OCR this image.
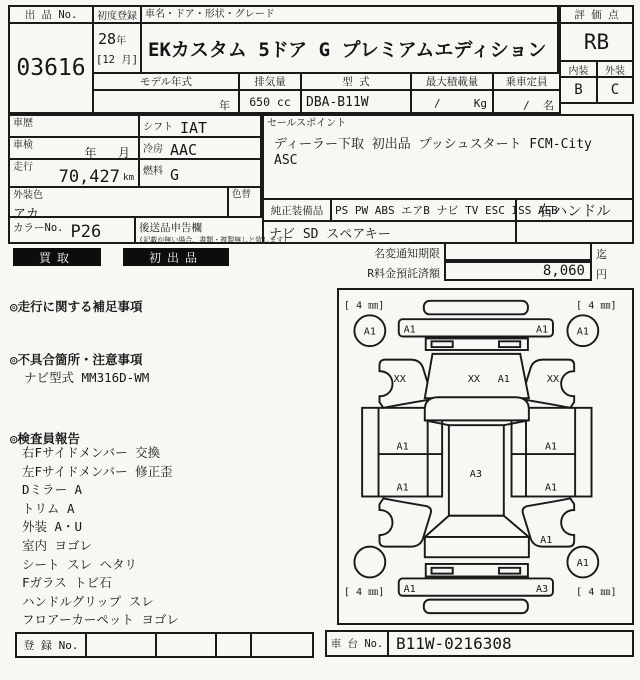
出 品 No.
03616
初度登録
28年
[12 月]
車名・ドア・形状・グレード
EKカスタム 5ドア G プレミアムエディション
評 価 点
RB
内装	外装
B	C
モデル年式	排気量	型 式	最大積載量	乗車定員
年	650 cc	DBA-B11W	/     Kg	/  名
車歴	シフト IAT
車検
年   月	冷房 AAC
走行	70,427 km
燃料 G
外装色
アカ
色替
カラーNo. P26	後送品申告欄
(記載が無い場合、書類・複製無しと致します)
セールスポイント
ディーラー下取 初出品 プッシュスタート FCM-City
ASC
純正装備品	PS PW ABS エアB ナビ TV ESC ISS AEB
右ハンドル
ナビ SD スペアキー
買取	初出品	名変通知期限	迄
R料金預託済額	8,060	円
◎走行に関する補足事項
◎不具合箇所・注意事項
ナビ型式 MM316D-WM
◎検査員報告
右Fサイドメンバー 交換
左Fサイドメンバー 修正歪
Dミラー A
トリム A
外装 A・U
室内 ヨゴレ
シート スレ ヘタリ
Fガラス トビ石
ハンドルグリップ スレ
フロアーカーペット ヨゴレ
登 録 No.	車 台 No. B11W-0216308
[ 4 ㎜]	[ 4 ㎜]
[ 4 ㎜]	[ 4 ㎜]
A1	A1
A1
A1	A1
XX	XX A1	XX
A1
A1
A1
A1
A3
A1
A1	A3
